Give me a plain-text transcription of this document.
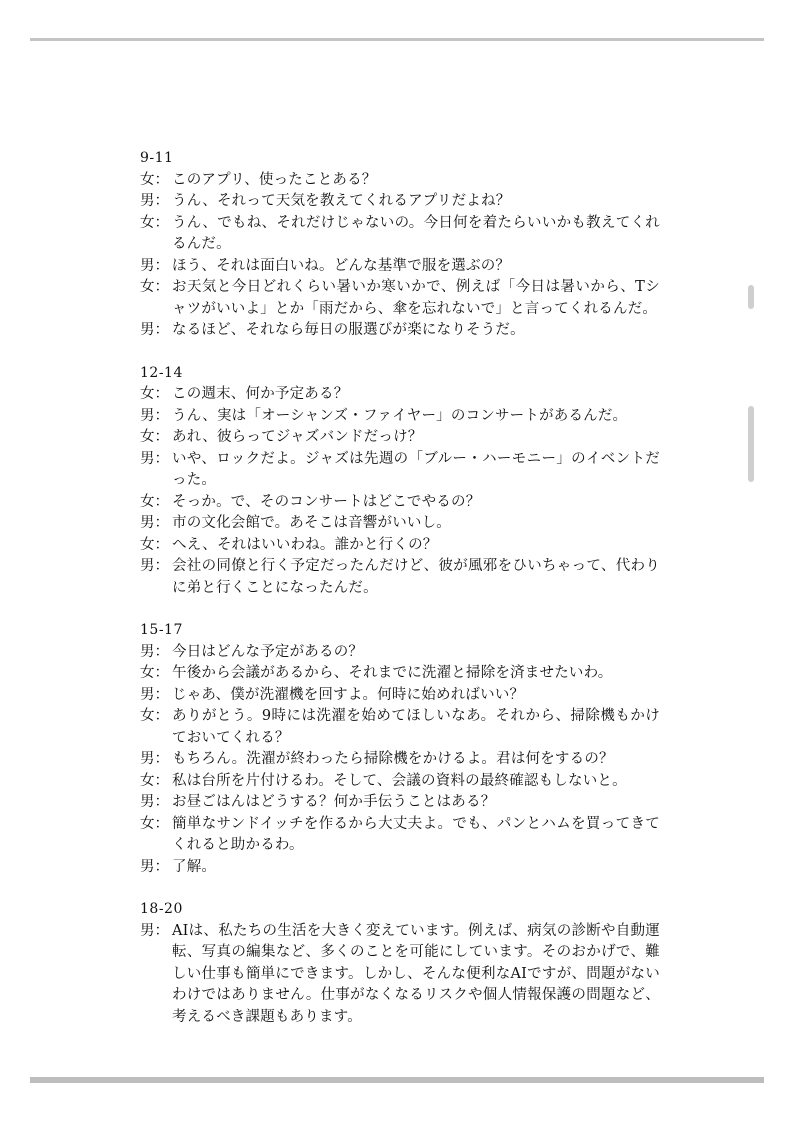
9-11
女： このアプリ、使ったことある？
男： うん、それって天気を教えてくれるアプリだよね？
女： うん、でもね、それだけじゃないの。今日何を着たらいいかも教えてくれるんだ。
男： ほう、それは面白いね。どんな基準で服を選ぶの？
女： お天気と今日どれくらい暑いか寒いかで、例えば「今日は暑いから、Tシャツがいいよ」とか「雨だから、傘を忘れないで」と言ってくれるんだ。
男： なるほど、それなら毎日の服選びが楽になりそうだ。
12-14
女： この週末、何か予定ある？
男： うん、実は「オーシャンズ・ファイヤー」のコンサートがあるんだ。
女： あれ、彼らってジャズバンドだっけ？
男： いや、ロックだよ。ジャズは先週の「ブルー・ハーモニー」のイベントだった。
女： そっか。で、そのコンサートはどこでやるの？
男： 市の文化会館で。あそこは音響がいいし。
女： へえ、それはいいわね。誰かと行くの？
男： 会社の同僚と行く予定だったんだけど、彼が風邪をひいちゃって、代わりに弟と行くことになったんだ。
15-17
男： 今日はどんな予定があるの？
女： 午後から会議があるから、それまでに洗濯と掃除を済ませたいわ。
男： じゃあ、僕が洗濯機を回すよ。何時に始めればいい？
女： ありがとう。9時には洗濯を始めてほしいなあ。それから、掃除機もかけておいてくれる？
男： もちろん。洗濯が終わったら掃除機をかけるよ。君は何をするの？
女： 私は台所を片付けるわ。そして、会議の資料の最終確認もしないと。
男： お昼ごはんはどうする？何か手伝うことはある？
女： 簡単なサンドイッチを作るから大丈夫よ。でも、パンとハムを買ってきてくれると助かるわ。
男： 了解。
18-20
男： AIは、私たちの生活を大きく変えています。例えば、病気の診断や自動運転、写真の編集など、多くのことを可能にしています。そのおかげで、難しい仕事も簡単にできます。しかし、そんな便利なAIですが、問題がないわけではありません。仕事がなくなるリスクや個人情報保護の問題など、考えるべき課題もあります。
